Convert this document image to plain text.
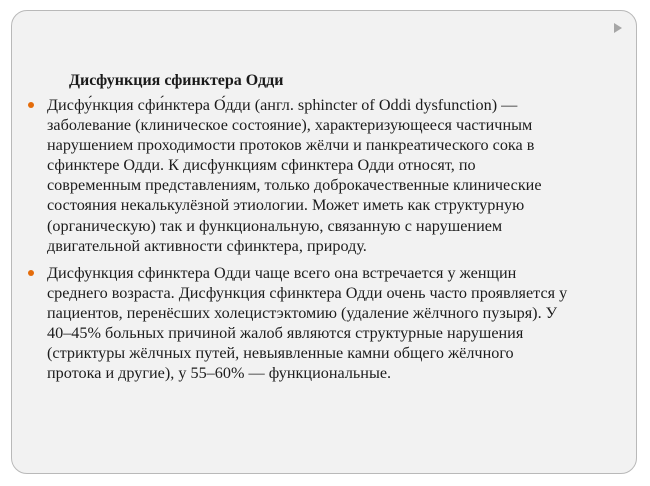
Дисфункция сфинктера Одди
Дисфу́нкция сфи́нктера О́дди (англ. sphincter of Oddi dysfunction) —
заболевание (клиническое состояние), характеризующееся частичным
нарушением проходимости протоков жёлчи и панкреатического сока в
сфинктере Одди. К дисфункциям сфинктера Одди относят, по
современным представлениям, только доброкачественные клинические
состояния некалькулёзной этиологии. Может иметь как структурную
(органическую) так и функциональную, связанную с нарушением
двигательной активности сфинктера, природу.
Дисфункция сфинктера Одди чаще всего она встречается у женщин
среднего возраста. Дисфункция сфинктера Одди очень часто проявляется у
пациентов, перенёсших холецистэктомию (удаление жёлчного пузыря). У
40–45% больных причиной жалоб являются структурные нарушения
(стриктуры жёлчных путей, невыявленные камни общего жёлчного
протока и другие), у 55–60% — функциональные.
